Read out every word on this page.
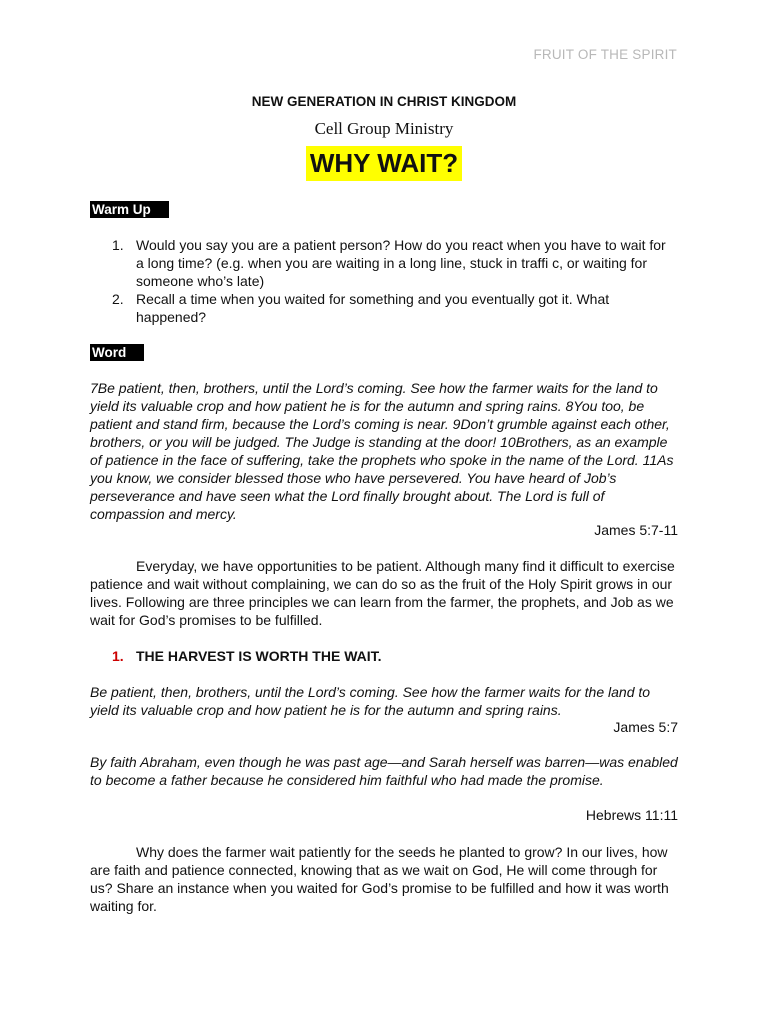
FRUIT OF THE SPIRIT
NEW GENERATION IN CHRIST KINGDOM
Cell Group Ministry
WHY WAIT?
Warm Up
1. Would you say you are a patient person? How do you react when you have to wait for a long time? (e.g. when you are waiting in a long line, stuck in traffi c, or waiting for someone who’s late)
2. Recall a time when you waited for something and you eventually got it. What happened?
Word
7Be patient, then, brothers, until the Lord’s coming. See how the farmer waits for the land to yield its valuable crop and how patient he is for the autumn and spring rains. 8You too, be patient and stand firm, because the Lord’s coming is near. 9Don’t grumble against each other, brothers, or you will be judged. The Judge is standing at the door! 10Brothers, as an example of patience in the face of suffering, take the prophets who spoke in the name of the Lord. 11As you know, we consider blessed those who have persevered. You have heard of Job’s perseverance and have seen what the Lord finally brought about. The Lord is full of compassion and mercy.
James 5:7-11
Everyday, we have opportunities to be patient. Although many find it difficult to exercise patience and wait without complaining, we can do so as the fruit of the Holy Spirit grows in our lives. Following are three principles we can learn from the farmer, the prophets, and Job as we wait for God’s promises to be fulfilled.
1. THE HARVEST IS WORTH THE WAIT.
Be patient, then, brothers, until the Lord’s coming. See how the farmer waits for the land to yield its valuable crop and how patient he is for the autumn and spring rains.
James 5:7
By faith Abraham, even though he was past age—and Sarah herself was barren—was enabled to become a father because he considered him faithful who had made the promise.
Hebrews 11:11
Why does the farmer wait patiently for the seeds he planted to grow? In our lives, how are faith and patience connected, knowing that as we wait on God, He will come through for us? Share an instance when you waited for God’s promise to be fulfilled and how it was worth waiting for.
